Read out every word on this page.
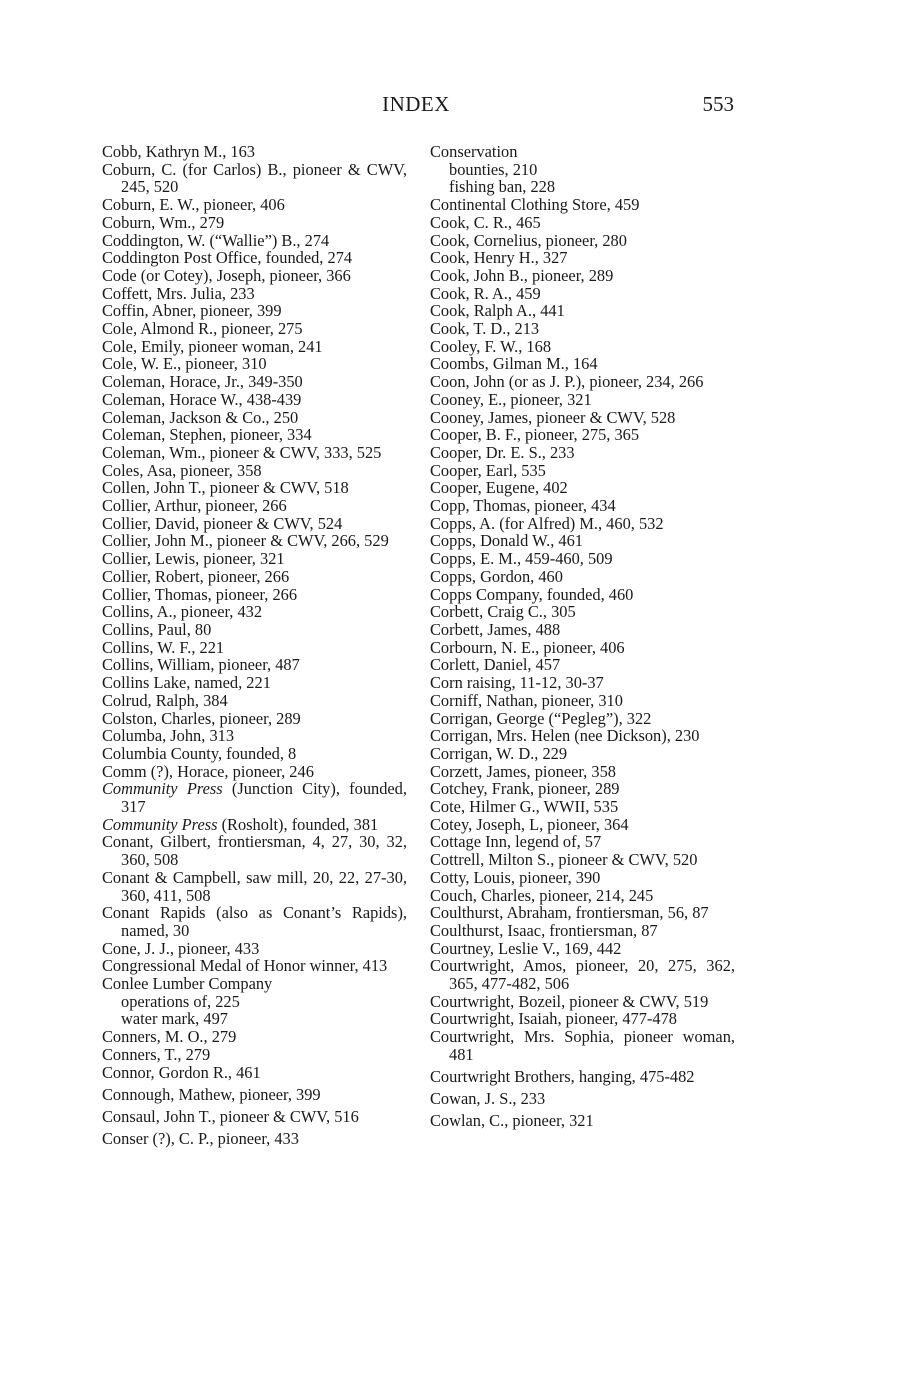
INDEX	553
Cobb, Kathryn M., 163
Coburn, C. (for Carlos) B., pioneer & CWV, 245, 520
Coburn, E. W., pioneer, 406
Coburn, Wm., 279
Coddington, W. (“Wallie”) B., 274
Coddington Post Office, founded, 274
Code (or Cotey), Joseph, pioneer, 366
Coffett, Mrs. Julia, 233
Coffin, Abner, pioneer, 399
Cole, Almond R., pioneer, 275
Cole, Emily, pioneer woman, 241
Cole, W. E., pioneer, 310
Coleman, Horace, Jr., 349-350
Coleman, Horace W., 438-439
Coleman, Jackson & Co., 250
Coleman, Stephen, pioneer, 334
Coleman, Wm., pioneer & CWV, 333, 525
Coles, Asa, pioneer, 358
Collen, John T., pioneer & CWV, 518
Collier, Arthur, pioneer, 266
Collier, David, pioneer & CWV, 524
Collier, John M., pioneer & CWV, 266, 529
Collier, Lewis, pioneer, 321
Collier, Robert, pioneer, 266
Collier, Thomas, pioneer, 266
Collins, A., pioneer, 432
Collins, Paul, 80
Collins, W. F., 221
Collins, William, pioneer, 487
Collins Lake, named, 221
Colrud, Ralph, 384
Colston, Charles, pioneer, 289
Columba, John, 313
Columbia County, founded, 8
Comm (?), Horace, pioneer, 246
Community Press (Junction City), founded, 317
Community Press (Rosholt), founded, 381
Conant, Gilbert, frontiersman, 4, 27, 30, 32, 360, 508
Conant & Campbell, saw mill, 20, 22, 27-30, 360, 411, 508
Conant Rapids (also as Conant’s Rapids), named, 30
Cone, J. J., pioneer, 433
Congressional Medal of Honor winner, 413
Conlee Lumber Company
operations of, 225
water mark, 497
Conners, M. O., 279
Conners, T., 279
Connor, Gordon R., 461
Connough, Mathew, pioneer, 399
Consaul, John T., pioneer & CWV, 516
Conser (?), C. P., pioneer, 433
Conservation
bounties, 210
fishing ban, 228
Continental Clothing Store, 459
Cook, C. R., 465
Cook, Cornelius, pioneer, 280
Cook, Henry H., 327
Cook, John B., pioneer, 289
Cook, R. A., 459
Cook, Ralph A., 441
Cook, T. D., 213
Cooley, F. W., 168
Coombs, Gilman M., 164
Coon, John (or as J. P.), pioneer, 234, 266
Cooney, E., pioneer, 321
Cooney, James, pioneer & CWV, 528
Cooper, B. F., pioneer, 275, 365
Cooper, Dr. E. S., 233
Cooper, Earl, 535
Cooper, Eugene, 402
Copp, Thomas, pioneer, 434
Copps, A. (for Alfred) M., 460, 532
Copps, Donald W., 461
Copps, E. M., 459-460, 509
Copps, Gordon, 460
Copps Company, founded, 460
Corbett, Craig C., 305
Corbett, James, 488
Corbourn, N. E., pioneer, 406
Corlett, Daniel, 457
Corn raising, 11-12, 30-37
Corniff, Nathan, pioneer, 310
Corrigan, George (“Pegleg”), 322
Corrigan, Mrs. Helen (nee Dickson), 230
Corrigan, W. D., 229
Corzett, James, pioneer, 358
Cotchey, Frank, pioneer, 289
Cote, Hilmer G., WWII, 535
Cotey, Joseph, L, pioneer, 364
Cottage Inn, legend of, 57
Cottrell, Milton S., pioneer & CWV, 520
Cotty, Louis, pioneer, 390
Couch, Charles, pioneer, 214, 245
Coulthurst, Abraham, frontiersman, 56, 87
Coulthurst, Isaac, frontiersman, 87
Courtney, Leslie V., 169, 442
Courtwright, Amos, pioneer, 20, 275, 362, 365, 477-482, 506
Courtwright, Bozeil, pioneer & CWV, 519
Courtwright, Isaiah, pioneer, 477-478
Courtwright, Mrs. Sophia, pioneer woman, 481
Courtwright Brothers, hanging, 475-482
Cowan, J. S., 233
Cowlan, C., pioneer, 321
